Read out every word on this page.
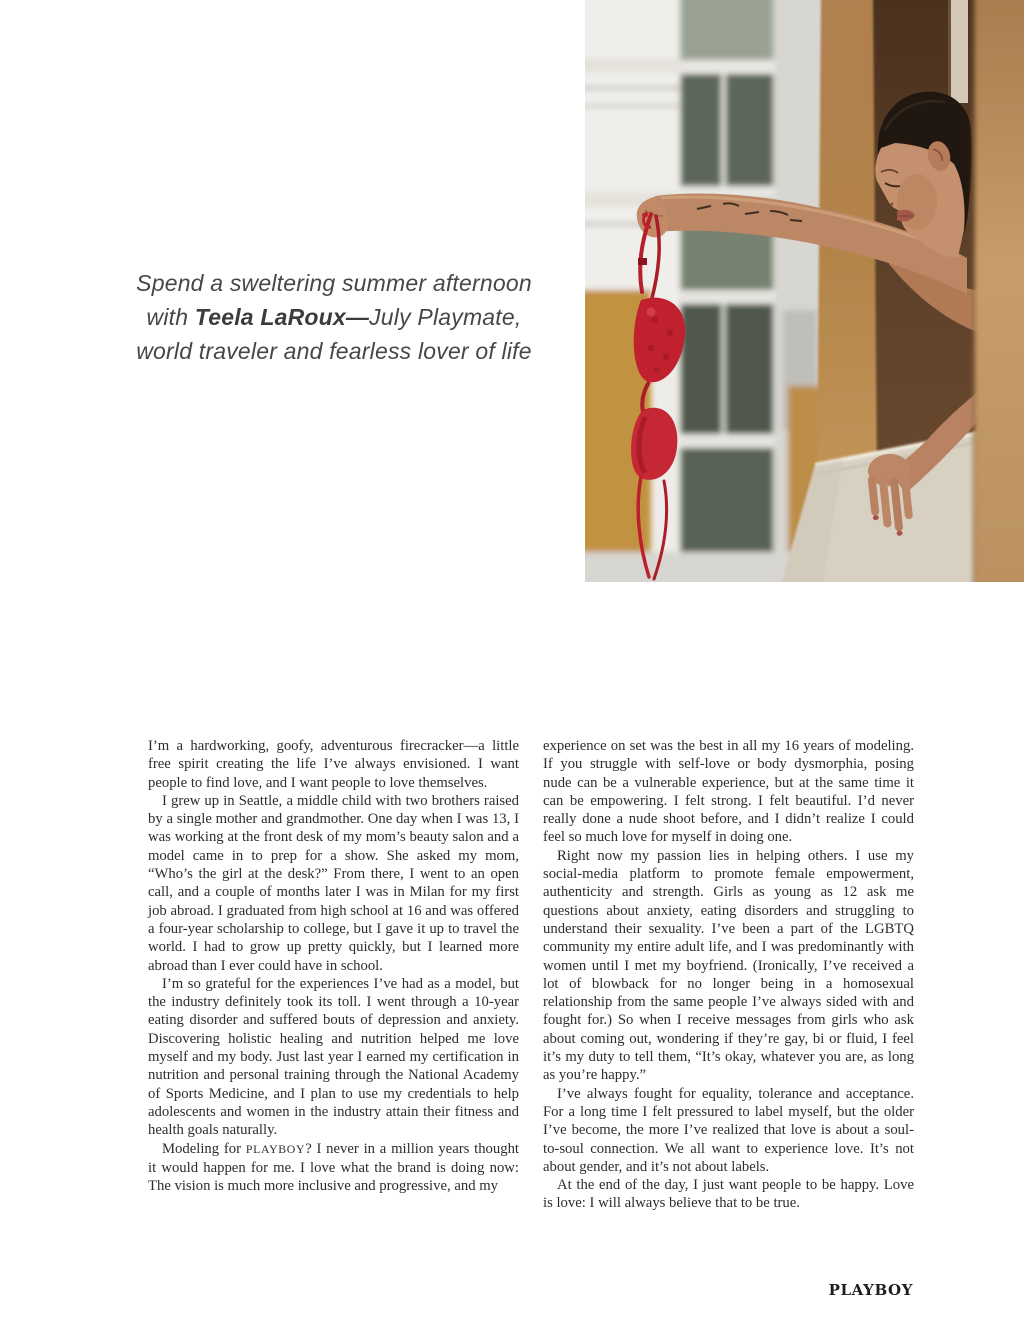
Spend a sweltering summer afternoon with Teela LaRoux—July Playmate, world traveler and fearless lover of life

I’m a hardworking, goofy, adventurous firecracker—a little free spirit creating the life I’ve always envisioned. I want people to find love, and I want people to love themselves.

I grew up in Seattle, a middle child with two brothers raised by a single mother and grandmother. One day when I was 13, I was working at the front desk of my mom’s beauty salon and a model came in to prep for a show. She asked my mom, “Who’s the girl at the desk?” From there, I went to an open call, and a couple of months later I was in Milan for my first job abroad. I graduated from high school at 16 and was offered a four-year scholarship to college, but I gave it up to travel the world. I had to grow up pretty quickly, but I learned more abroad than I ever could have in school.

I’m so grateful for the experiences I’ve had as a model, but the industry definitely took its toll. I went through a 10-year eating disorder and suffered bouts of depression and anxiety. Discovering holistic healing and nutrition helped me love myself and my body. Just last year I earned my certification in nutrition and personal training through the National Academy of Sports Medicine, and I plan to use my credentials to help adolescents and women in the industry attain their fitness and health goals naturally.

Modeling for PLAYBOY? I never in a million years thought it would happen for me. I love what the brand is doing now: The vision is much more inclusive and progressive, and my

experience on set was the best in all my 16 years of modeling. If you struggle with self-love or body dysmorphia, posing nude can be a vulnerable experience, but at the same time it can be empowering. I felt strong. I felt beautiful. I’d never really done a nude shoot before, and I didn’t realize I could feel so much love for myself in doing one.

Right now my passion lies in helping others. I use my social-media platform to promote female empowerment, authenticity and strength. Girls as young as 12 ask me questions about anxiety, eating disorders and struggling to understand their sexuality. I’ve been a part of the LGBTQ community my entire adult life, and I was predominantly with women until I met my boyfriend. (Ironically, I’ve received a lot of blowback for no longer being in a homosexual relationship from the same people I’ve always sided with and fought for.) So when I receive messages from girls who ask about coming out, wondering if they’re gay, bi or fluid, I feel it’s my duty to tell them, “It’s okay, whatever you are, as long as you’re happy.”

I’ve always fought for equality, tolerance and acceptance. For a long time I felt pressured to label myself, but the older I’ve become, the more I’ve realized that love is about a soul-to-soul connection. We all want to experience love. It’s not about gender, and it’s not about labels.

At the end of the day, I just want people to be happy. Love is love: I will always believe that to be true.

PLAYBOY
